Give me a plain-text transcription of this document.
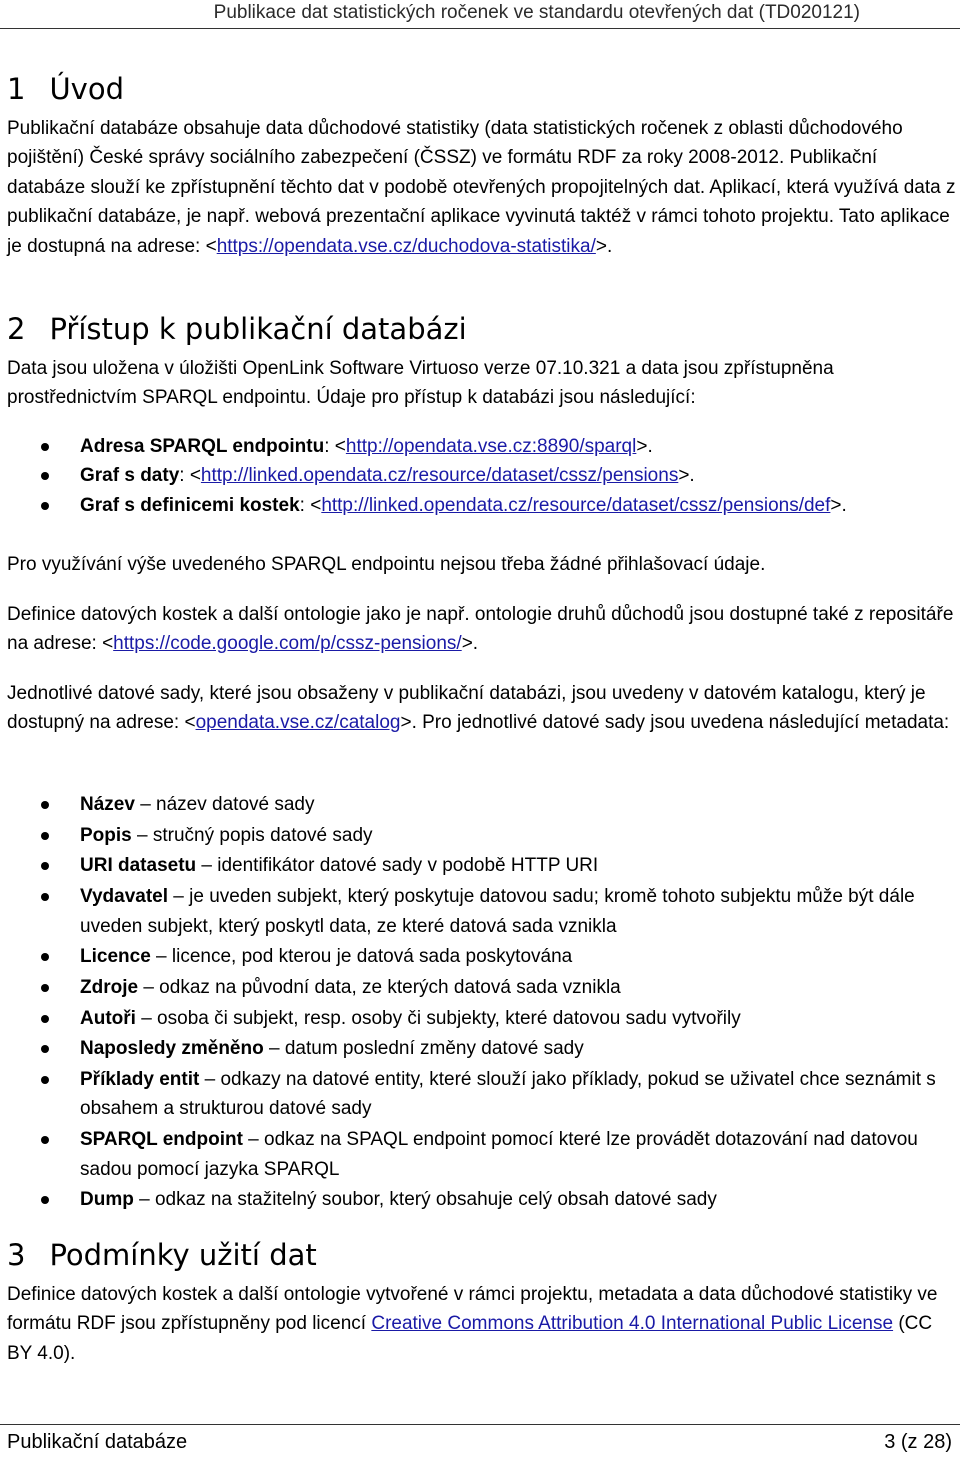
Publikace dat statistických ročenek ve standardu otevřených dat (TD020121)
1 Úvod

Publikační databáze obsahuje data důchodové statistiky (data statistických ročenek z oblasti důchodového pojištění) České správy sociálního zabezpečení (ČSSZ) ve formátu RDF za roky 2008-2012. Publikační databáze slouží ke zpřístupnění těchto dat v podobě otevřených propojitelných dat. Aplikací, která využívá data z publikační databáze, je např. webová prezentační aplikace vyvinutá taktéž v rámci tohoto projektu. Tato aplikace je dostupná na adrese: <https://opendata.vse.cz/duchodova-statistika/>.

2 Přístup k publikační databázi

Data jsou uložena v úložišti OpenLink Software Virtuoso verze 07.10.321 a data jsou zpřístupněna prostřednictvím SPARQL endpointu. Údaje pro přístup k databázi jsou následující:

Adresa SPARQL endpointu: <http://opendata.vse.cz:8890/sparql>.
Graf s daty: <http://linked.opendata.cz/resource/dataset/cssz/pensions>.
Graf s definicemi kostek: <http://linked.opendata.cz/resource/dataset/cssz/pensions/def>.

Pro využívání výše uvedeného SPARQL endpointu nejsou třeba žádné přihlašovací údaje.

Definice datových kostek a další ontologie jako je např. ontologie druhů důchodů jsou dostupné také z repositáře na adrese: <https://code.google.com/p/cssz-pensions/>.

Jednotlivé datové sady, které jsou obsaženy v publikační databázi, jsou uvedeny v datovém katalogu, který je dostupný na adrese: <opendata.vse.cz/catalog>. Pro jednotlivé datové sady jsou uvedena následující metadata:

Název – název datové sady
Popis – stručný popis datové sady
URI datasetu – identifikátor datové sady v podobě HTTP URI
Vydavatel – je uveden subjekt, který poskytuje datovou sadu; kromě tohoto subjektu může být dále uveden subjekt, který poskytl data, ze které datová sada vznikla
Licence – licence, pod kterou je datová sada poskytována
Zdroje – odkaz na původní data, ze kterých datová sada vznikla
Autoři – osoba či subjekt, resp. osoby či subjekty, které datovou sadu vytvořily
Naposledy změněno – datum poslední změny datové sady
Příklady entit – odkazy na datové entity, které slouží jako příklady, pokud se uživatel chce seznámit s obsahem a strukturou datové sady
SPARQL endpoint – odkaz na SPAQL endpoint pomocí které lze provádět dotazování nad datovou sadou pomocí jazyka SPARQL
Dump – odkaz na stažitelný soubor, který obsahuje celý obsah datové sady
3 Podmínky užití dat

Definice datových kostek a další ontologie vytvořené v rámci projektu, metadata a data důchodové statistiky ve formátu RDF jsou zpřístupněny pod licencí Creative Commons Attribution 4.0 International Public License (CC BY 4.0).

Publikační databáze	3 (z 28)
